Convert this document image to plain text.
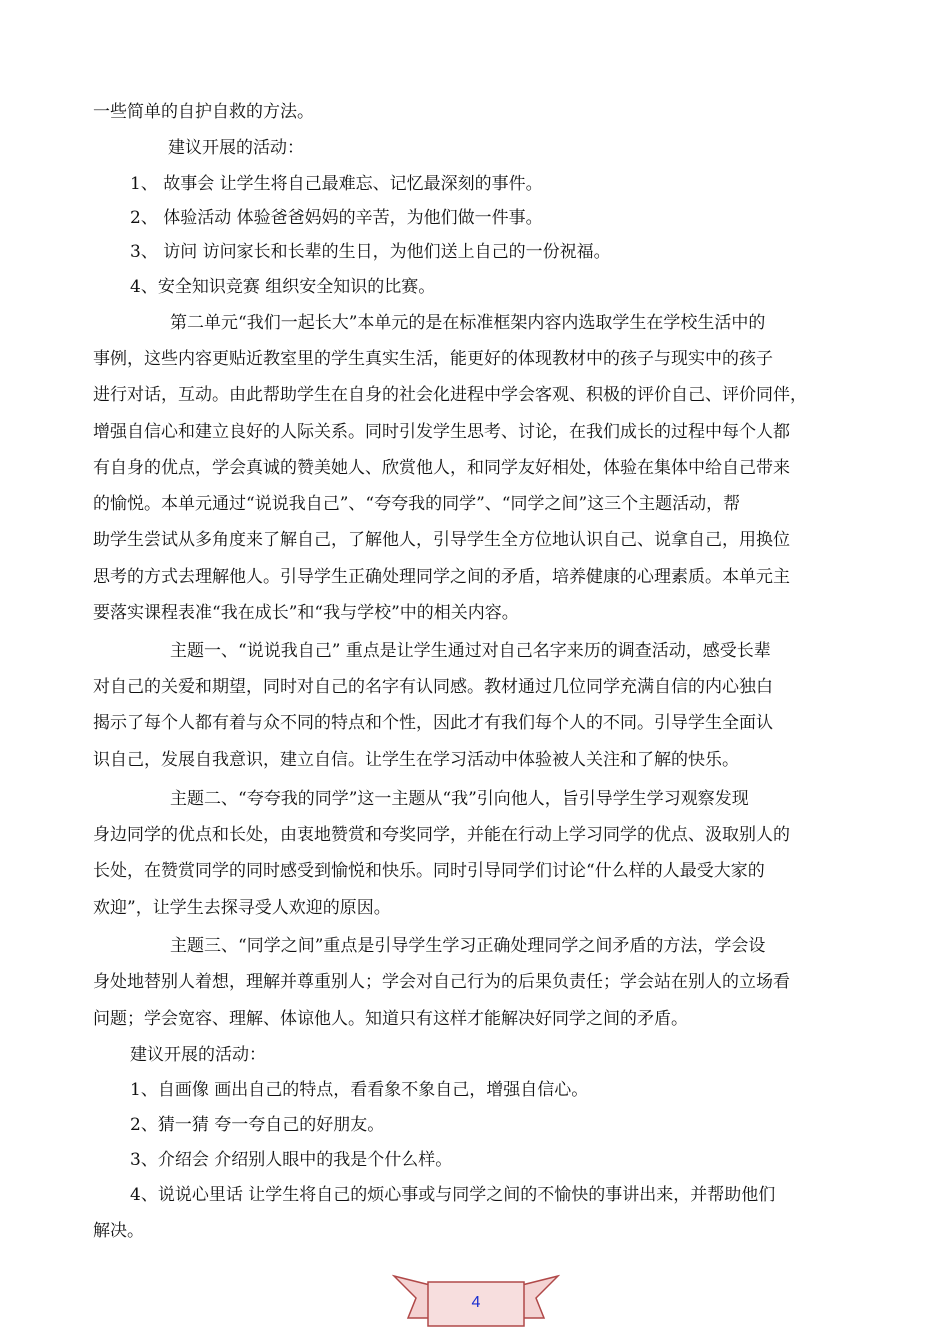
一些简单的自护自救的方法。
建议开展的活动：
1、 故事会 让学生将自己最难忘、记忆最深刻的事件。
2、 体验活动 体验爸爸妈妈的辛苦，为他们做一件事。
3、 访问 访问家长和长辈的生日，为他们送上自己的一份祝福。
4、安全知识竞赛 组织安全知识的比赛。
第二单元“我们一起长大”本单元的是在标准框架内容内选取学生在学校生活中的
事例，这些内容更贴近教室里的学生真实生活，能更好的体现教材中的孩子与现实中的孩子
进行对话，互动。由此帮助学生在自身的社会化进程中学会客观、积极的评价自己、评价同伴，
增强自信心和建立良好的人际关系。同时引发学生思考、讨论，在我们成长的过程中每个人都
有自身的优点，学会真诚的赞美她人、欣赏他人，和同学友好相处，体验在集体中给自己带来
的愉悦。本单元通过“说说我自己”、“夸夸我的同学”、“同学之间”这三个主题活动，帮
助学生尝试从多角度来了解自己，了解他人，引导学生全方位地认识自己、说拿自己，用换位
思考的方式去理解他人。引导学生正确处理同学之间的矛盾，培养健康的心理素质。本单元主
要落实课程表准“我在成长”和“我与学校”中的相关内容。
主题一、“说说我自己” 重点是让学生通过对自己名字来历的调查活动，感受长辈
对自己的关爱和期望，同时对自己的名字有认同感。教材通过几位同学充满自信的内心独白
揭示了每个人都有着与众不同的特点和个性，因此才有我们每个人的不同。引导学生全面认
识自己，发展自我意识，建立自信。让学生在学习活动中体验被人关注和了解的快乐。
主题二、“夸夸我的同学”这一主题从“我”引向他人，旨引导学生学习观察发现
身边同学的优点和长处，由衷地赞赏和夸奖同学，并能在行动上学习同学的优点、汲取别人的
长处，在赞赏同学的同时感受到愉悦和快乐。同时引导同学们讨论“什么样的人最受大家的
欢迎”，让学生去探寻受人欢迎的原因。
主题三、“同学之间”重点是引导学生学习正确处理同学之间矛盾的方法，学会设
身处地替别人着想，理解并尊重别人；学会对自己行为的后果负责任；学会站在别人的立场看
问题；学会宽容、理解、体谅他人。知道只有这样才能解决好同学之间的矛盾。
建议开展的活动：
1、自画像 画出自己的特点，看看象不象自己，增强自信心。
2、猜一猜 夸一夸自己的好朋友。
3、介绍会 介绍别人眼中的我是个什么样。
4、说说心里话 让学生将自己的烦心事或与同学之间的不愉快的事讲出来，并帮助他们
解决。
4
